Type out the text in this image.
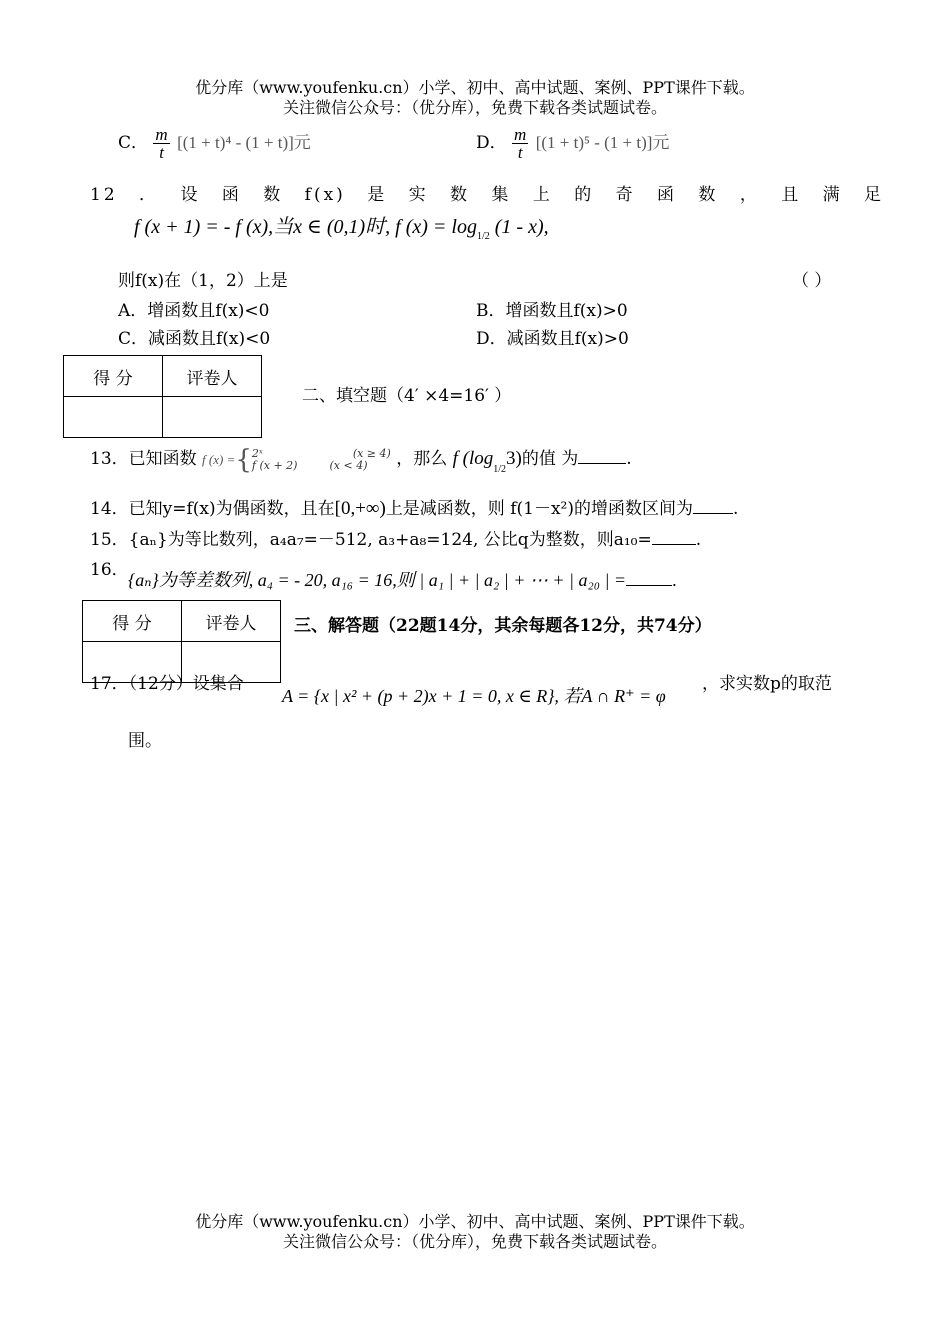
优分库（www.youfenku.cn）小学、初中、高中试题、案例、PPT课件下载。
关注微信公众号：（优分库），免费下载各类试题试卷。
C． $\frac{m}{t} [(1 + t)^4 - (1 + t)]$元	D． $\frac{m}{t} [(1 + t)^5 - (1 + t)]$元
12 ． 设 函 数 f(x) 是 实 数 集 上 的 奇 函 数 ， 且 满 足
f (x + 1) = - f (x),当x ∈ (0,1)时, f $(x) = \log_{1/2} (1 - x)$,
则f(x)在（1，2）上是	（ ）
A．增函数且f(x)<0	B．增函数且f(x)>0
C．减函数且f(x)<0	D．减函数且f(x)>0
得 分	评卷人

二、填空题（4′ ×4=16′ ）
13．已知函数 f (x) ={2ˣ	(x ≥ 4)
f (x + 2)	(x < 4) ，那么 f $(\log_{1/2}3)$的值 为	.
14．已知y=f(x)为偶函数，且在[0,+∞)上是减函数，则 f(1－x²)的增函数区间为 .
15．{aₙ}为等比数列，a₄a₇=－512, a₃+a₈=124, 公比q为整数，则a₁₀=	.
16． {aₙ}为等差数列, a₄ = - 20, a₁₆ = 16,则 | a₁ | + | a₂ | + ⋯ + | a₂₀ | =	.
得 分	评卷人
	三、解答题（22题14分，其余每题各12分，共74分）
17．（12分）设集合
A = {x | x² + (p + 2)x + 1 = 0, x ∈ R}, 若A ∩ R⁺ = φ
，求实数p的取范
围。
优分库（www.youfenku.cn）小学、初中、高中试题、案例、PPT课件下载。
关注微信公众号：（优分库），免费下载各类试题试卷。
